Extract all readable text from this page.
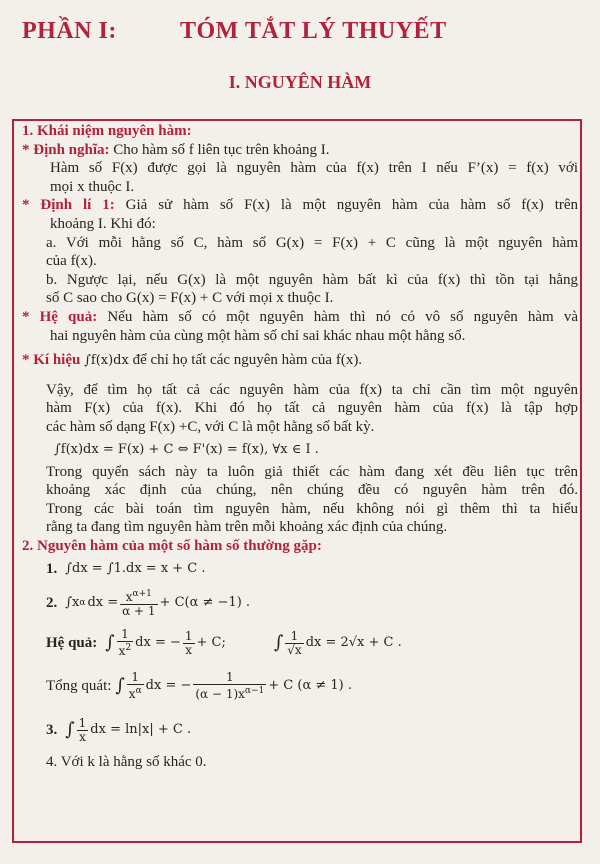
PHẦN I:	TÓM TẮT LÝ THUYẾT
I. NGUYÊN HÀM
1. Khái niệm nguyên hàm:
* Định nghĩa: Cho hàm số f liên tục trên khoảng I.
Hàm số F(x) được gọi là nguyên hàm của f(x) trên I nếu F’(x) = f(x) với
mọi x thuộc I.
* Định lí 1: Giả sử hàm số F(x) là một nguyên hàm của hàm số f(x) trên
khoảng I. Khi đó:
a. Với mỗi hằng số C, hàm số G(x) = F(x) + C cũng là một nguyên hàm
của f(x).
b. Ngược lại, nếu G(x) là một nguyên hàm bất kì của f(x) thì tồn tại hằng
số C sao cho G(x) = F(x) + C với mọi x thuộc I.
* Hệ quả: Nếu hàm số có một nguyên hàm thì nó có vô số nguyên hàm và
hai nguyên hàm của cùng một hàm số chỉ sai khác nhau một hằng số.
* Kí hiệu ∫f(x)dx để chỉ họ tất các nguyên hàm của f(x).
Vậy, để tìm họ tất cả các nguyên hàm của f(x) ta chỉ cần tìm một nguyên
hàm F(x) của f(x). Khi đó họ tất cả nguyên hàm của f(x) là tập hợp
các hàm số dạng F(x) +C, với C là một hằng số bất kỳ.
∫f(x)dx = F(x) + C ⇔ F'(x) = f(x), ∀x ∈ I .
Trong quyển sách này ta luôn giả thiết các hàm đang xét đều liên tục trên
khoảng xác định của chúng, nên chúng đều có nguyên hàm trên đó.
Trong các bài toán tìm nguyên hàm, nếu không nói gì thêm thì ta hiểu
rằng ta đang tìm nguyên hàm trên mỗi khoảng xác định của chúng.
2. Nguyên hàm của một số hàm số thường gặp:
1. ∫dx = ∫1.dx = x + C .
2. ∫x α dx = $\frac{x^{\alpha+1}}{\alpha + 1} + C(\alpha \ne -1)$ .
Hệ quả: ∫ $\frac{1}{x^2}$ dx = − $\frac{1}{x} + C$;	∫ $\frac{1}{√x}$ dx = 2√x + C .
Tổng quát: ∫ $\frac{1}{x^\alpha}$ dx = − $\frac{1}{(\alpha - 1)x^{\alpha-1}} + C$ (α ≠ 1) .
3. ∫ $\frac{1}{x}$ dx = ln|x| + C .
4. Với k là hằng số khác 0.
